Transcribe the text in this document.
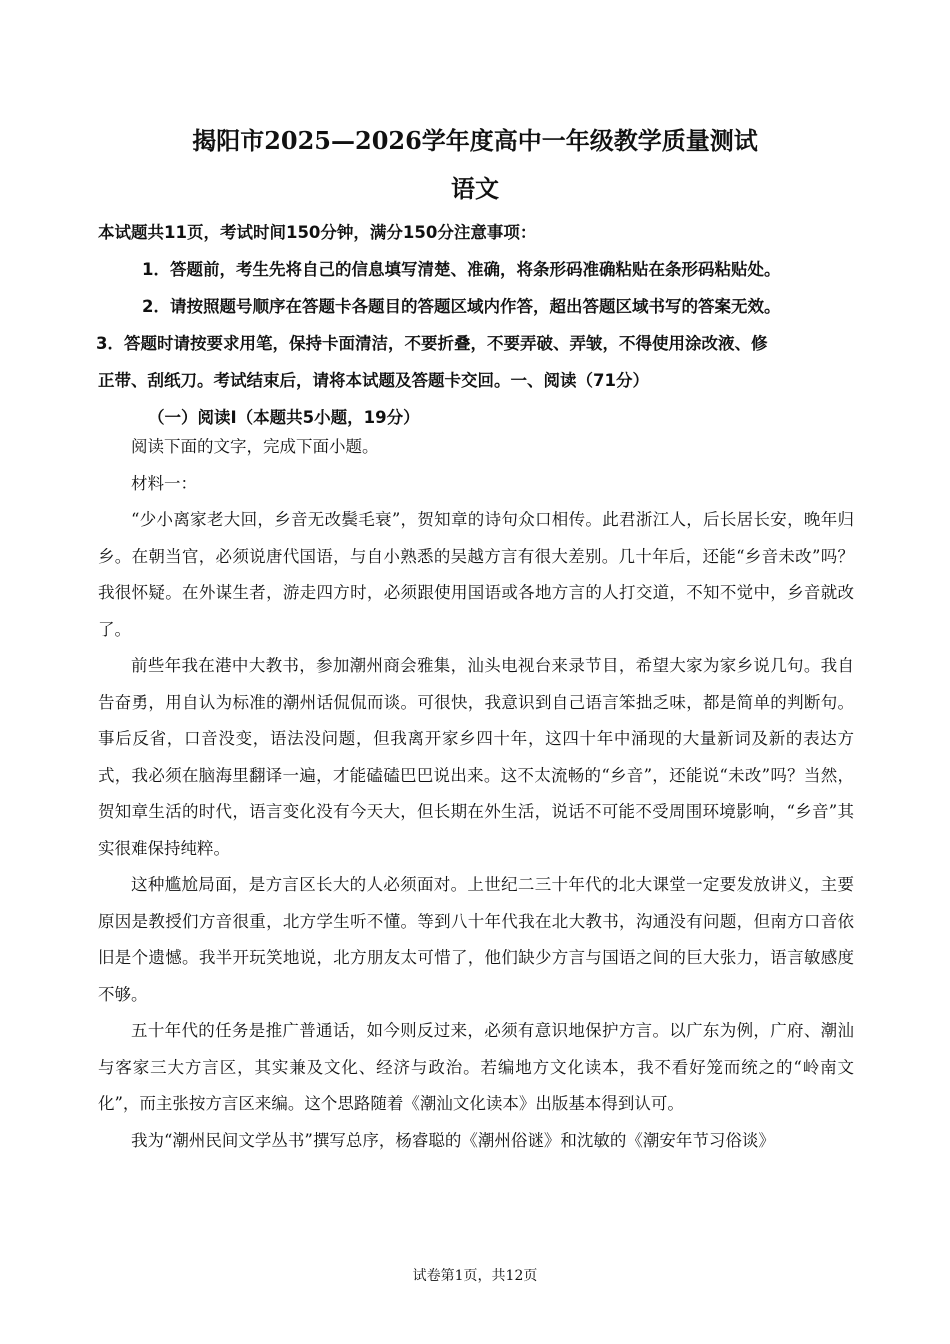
揭阳市2025—2026学年度高中一年级教学质量测试
语文

本试题共11页，考试时间150分钟，满分150分注意事项：

1．答题前，考生先将自己的信息填写清楚、准确，将条形码准确粘贴在条形码粘贴处。

2．请按照题号顺序在答题卡各题目的答题区域内作答，超出答题区域书写的答案无效。

3．答题时请按要求用笔，保持卡面清洁，不要折叠，不要弄破、弄皱，不得使用涂改液、修

正带、刮纸刀。考试结束后，请将本试题及答题卡交回。一、阅读（71分）

（一）阅读I（本题共5小题，19分）

阅读下面的文字，完成下面小题。

材料一：

“少小离家老大回，乡音无改鬓毛衰”，贺知章的诗句众口相传。此君浙江人，后长居长安，晚年归乡。在朝当官，必须说唐代国语，与自小熟悉的吴越方言有很大差别。几十年后，还能“乡音未改”吗？我很怀疑。在外谋生者，游走四方时，必须跟使用国语或各地方言的人打交道，不知不觉中，乡音就改了。

前些年我在港中大教书，参加潮州商会雅集，汕头电视台来录节目，希望大家为家乡说几句。我自告奋勇，用自认为标准的潮州话侃侃而谈。可很快，我意识到自己语言笨拙乏味，都是简单的判断句。事后反省，口音没变，语法没问题，但我离开家乡四十年，这四十年中涌现的大量新词及新的表达方式，我必须在脑海里翻译一遍，才能磕磕巴巴说出来。这不太流畅的“乡音”，还能说“未改”吗？当然，贺知章生活的时代，语言变化没有今天大，但长期在外生活，说话不可能不受周围环境影响，“乡音”其实很难保持纯粹。

这种尴尬局面，是方言区长大的人必须面对。上世纪二三十年代的北大课堂一定要发放讲义，主要原因是教授们方音很重，北方学生听不懂。等到八十年代我在北大教书，沟通没有问题，但南方口音依旧是个遗憾。我半开玩笑地说，北方朋友太可惜了，他们缺少方言与国语之间的巨大张力，语言敏感度不够。

五十年代的任务是推广普通话，如今则反过来，必须有意识地保护方言。以广东为例，广府、潮汕与客家三大方言区，其实兼及文化、经济与政治。若编地方文化读本，我不看好笼而统之的“岭南文化”，而主张按方言区来编。这个思路随着《潮汕文化读本》出版基本得到认可。

我为“潮州民间文学丛书”撰写总序，杨睿聪的《潮州俗谜》和沈敏的《潮安年节习俗谈》

试卷第1页，共12页
